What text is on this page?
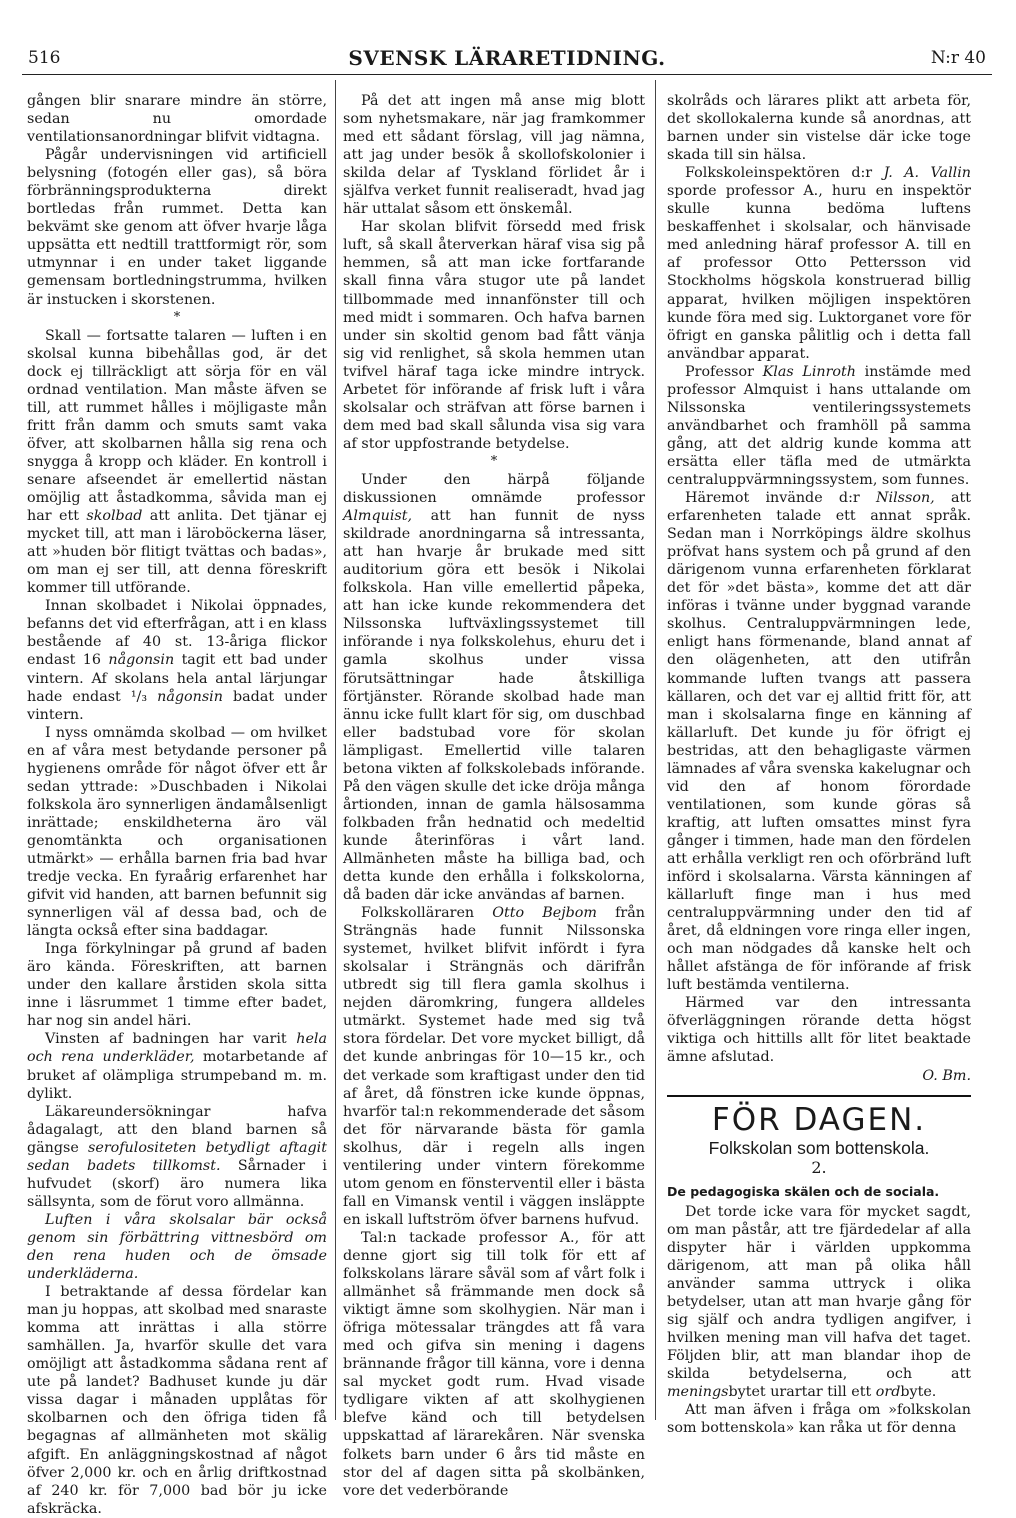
516	SVENSK LÄRARETIDNING.	N:r 40

gången blir snarare mindre än större, sedan nu omordade ventilationsanordningar blifvit vidtagna.

Pågår undervisningen vid artificiell belysning (fotogén eller gas), så böra förbränningsprodukterna direkt bortledas från rummet. Detta kan bekvämt ske genom att öfver hvarje låga uppsätta ett nedtill trattformigt rör, som utmynnar i en under taket liggande gemensam bortledningstrumma, hvilken är instucken i skorstenen.

*

Skall — fortsatte talaren — luften i en skolsal kunna bibehållas god, är det dock ej tillräckligt att sörja för en väl ordnad ventilation. Man måste äfven se till, att rummet hålles i möjligaste mån fritt från damm och smuts samt vaka öfver, att skolbarnen hålla sig rena och snygga å kropp och kläder. En kontroll i senare afseendet är emellertid nästan omöjlig att åstadkomma, såvida man ej har ett skolbad att anlita. Det tjänar ej mycket till, att man i läroböckerna läser, att »huden bör flitigt tvättas och badas», om man ej ser till, att denna föreskrift kommer till utförande.

Innan skolbadet i Nikolai öppnades, befanns det vid efterfrågan, att i en klass bestående af 40 st. 13-åriga flickor endast 16 någonsin tagit ett bad under vintern. Af skolans hela antal lärjungar hade endast ¹/₃ någonsin badat under vintern.

I nyss omnämda skolbad — om hvilket en af våra mest betydande personer på hygienens område för något öfver ett år sedan yttrade: »Duschbaden i Nikolai folkskola äro synnerligen ändamålsenligt inrättade; enskildheterna äro väl genomtänkta och organisationen utmärkt» — erhålla barnen fria bad hvar tredje vecka. En fyraårig erfarenhet har gifvit vid handen, att barnen befunnit sig synnerligen väl af dessa bad, och de längta också efter sina baddagar.

Inga förkylningar på grund af baden äro kända. Föreskriften, att barnen under den kallare årstiden skola sitta inne i läsrummet 1 timme efter badet, har nog sin andel häri.

Vinsten af badningen har varit hela och rena underkläder, motarbetande af bruket af olämpliga strumpeband m. m. dylikt.

Läkareundersökningar hafva ådagalagt, att den bland barnen så gängse serofulositeten betydligt aftagit sedan badets tillkomst. Sårnader i hufvudet (skorf) äro numera lika sällsynta, som de förut voro allmänna.

Luften i våra skolsalar bär också genom sin förbättring vittnesbörd om den rena huden och de ömsade underkläderna.

I betraktande af dessa fördelar kan man ju hoppas, att skolbad med snaraste komma att inrättas i alla större samhällen. Ja, hvarför skulle det vara omöjligt att åstadkomma sådana rent af ute på landet? Badhuset kunde ju där vissa dagar i månaden upplåtas för skolbarnen och den öfriga tiden få begagnas af allmänheten mot skälig afgift. En anläggningskostnad af något öfver 2,000 kr. och en årlig driftkostnad af 240 kr. för 7,000 bad bör ju icke afskräcka.

På det att ingen må anse mig blott som nyhetsmakare, när jag framkommer med ett sådant förslag, vill jag nämna, att jag under besök å skollofskolonier i skilda delar af Tyskland förlidet år i själfva verket funnit realiseradt, hvad jag här uttalat såsom ett önskemål.

Har skolan blifvit försedd med frisk luft, så skall återverkan häraf visa sig på hemmen, så att man icke fortfarande skall finna våra stugor ute på landet tillbommade med innanfönster till och med midt i sommaren. Och hafva barnen under sin skoltid genom bad fått vänja sig vid renlighet, så skola hemmen utan tvifvel häraf taga icke mindre intryck. Arbetet för införande af frisk luft i våra skolsalar och sträfvan att förse barnen i dem med bad skall sålunda visa sig vara af stor uppfostrande betydelse.

*

Under den härpå följande diskussionen omnämde professor Almquist, att han funnit de nyss skildrade anordningarna så intressanta, att han hvarje år brukade med sitt auditorium göra ett besök i Nikolai folkskola. Han ville emellertid påpeka, att han icke kunde rekommendera det Nilssonska luftväxlingssystemet till införande i nya folkskolehus, ehuru det i gamla skolhus under vissa förutsättningar hade åtskilliga förtjänster. Rörande skolbad hade man ännu icke fullt klart för sig, om duschbad eller badstubad vore för skolan lämpligast. Emellertid ville talaren betona vikten af folkskolebads införande. På den vägen skulle det icke dröja många årtionden, innan de gamla hälsosamma folkbaden från hednatid och medeltid kunde återinföras i vårt land. Allmänheten måste ha billiga bad, och detta kunde den erhålla i folkskolorna, då baden där icke användas af barnen.

Folkskolläraren Otto Bejbom från Strängnäs hade funnit Nilssonska systemet, hvilket blifvit infördt i fyra skolsalar i Strängnäs och därifrån utbredt sig till flera gamla skolhus i nejden däromkring, fungera alldeles utmärkt. Systemet hade med sig två stora fördelar. Det vore mycket billigt, då det kunde anbringas för 10—15 kr., och det verkade som kraftigast under den tid af året, då fönstren icke kunde öppnas, hvarför tal:n rekommenderade det såsom det för närvarande bästa för gamla skolhus, där i regeln alls ingen ventilering under vintern förekomme utom genom en fönsterventil eller i bästa fall en Vimansk ventil i väggen insläppte en iskall luftström öfver barnens hufvud.

Tal:n tackade professor A., för att denne gjort sig till tolk för ett af folkskolans lärare såväl som af vårt folk i allmänhet så främmande men dock så viktigt ämne som skolhygien. När man i öfriga mötessalar trängdes att få vara med och gifva sin mening i dagens brännande frågor till känna, vore i denna sal mycket godt rum. Hvad visade tydligare vikten af att skolhygienen blefve känd och till betydelsen uppskattad af lärarekåren. När svenska folkets barn under 6 års tid måste en stor del af dagen sitta på skolbänken, vore det vederbörande

skolråds och lärares plikt att arbeta för, det skollokalerna kunde så anordnas, att barnen under sin vistelse där icke toge skada till sin hälsa.

Folkskoleinspektören d:r J. A. Vallin sporde professor A., huru en inspektör skulle kunna bedöma luftens beskaffenhet i skolsalar, och hänvisade med anledning häraf professor A. till en af professor Otto Pettersson vid Stockholms högskola konstruerad billig apparat, hvilken möjligen inspektören kunde föra med sig. Luktorganet vore för öfrigt en ganska pålitlig och i detta fall användbar apparat.

Professor Klas Linroth instämde med professor Almquist i hans uttalande om Nilssonska ventileringssystemets användbarhet och framhöll på samma gång, att det aldrig kunde komma att ersätta eller täfla med de utmärkta centraluppvärmningssystem, som funnes.

Häremot invände d:r Nilsson, att erfarenheten talade ett annat språk. Sedan man i Norrköpings äldre skolhus pröfvat hans system och på grund af den därigenom vunna erfarenheten förklarat det för »det bästa», komme det att där införas i tvänne under byggnad varande skolhus. Centraluppvärmningen lede, enligt hans förmenande, bland annat af den olägenheten, att den utifrån kommande luften tvangs att passera källaren, och det var ej alltid fritt för, att man i skolsalarna finge en känning af källarluft. Det kunde ju för öfrigt ej bestridas, att den behagligaste värmen lämnades af våra svenska kakelugnar och vid den af honom förordade ventilationen, som kunde göras så kraftig, att luften omsattes minst fyra gånger i timmen, hade man den fördelen att erhålla verkligt ren och oförbränd luft införd i skolsalarna. Värsta känningen af källarluft finge man i hus med centraluppvärmning under den tid af året, då eldningen vore ringa eller ingen, och man nödgades då kanske helt och hållet afstänga de för införande af frisk luft bestämda ventilerna.

Härmed var den intressanta öfverläggningen rörande detta högst viktiga och hittills allt för litet beaktade ämne afslutad.

O. Bm.
FÖR DAGEN.
Folkskolan som bottenskola.
2.
De pedagogiska skälen och de sociala.

Det torde icke vara för mycket sagdt, om man påstår, att tre fjärdedelar af alla dispyter här i världen uppkomma därigenom, att man på olika håll använder samma uttryck i olika betydelser, utan att man hvarje gång för sig själf och andra tydligen angifver, i hvilken mening man vill hafva det taget. Följden blir, att man blandar ihop de skilda betydelserna, och att meningsbytet urartar till ett ordbyte.

Att man äfven i fråga om »folkskolan som bottenskola» kan råka ut för denna
